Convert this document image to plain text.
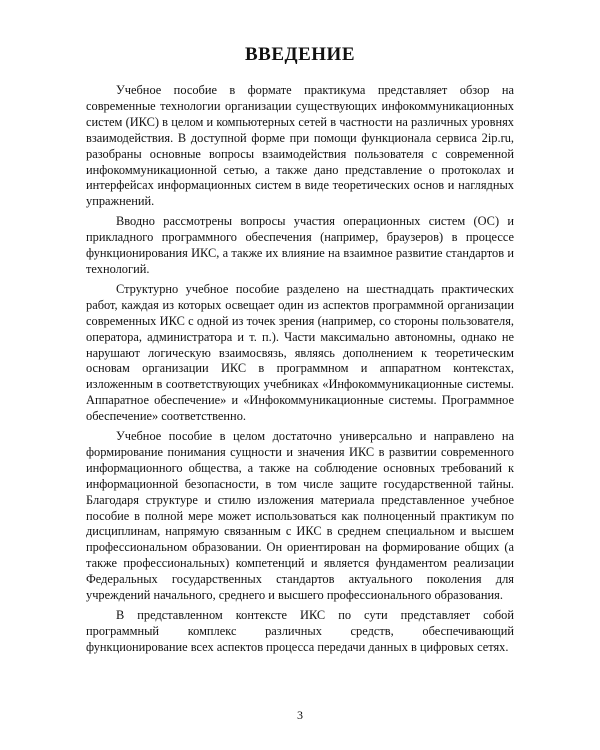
ВВЕДЕНИЕ

Учебное пособие в формате практикума представляет обзор на современные технологии организации существующих инфокоммуникационных систем (ИКС) в целом и компьютерных сетей в частности на различных уровнях взаимодействия. В доступной форме при помощи функционала сервиса 2ip.ru, разобраны основные вопросы взаимодействия пользователя с современной инфокоммуникационной сетью, а также дано представление о протоколах и интерфейсах информационных систем в виде теоретических основ и наглядных упражнений.

Вводно рассмотрены вопросы участия операционных систем (ОС) и прикладного программного обеспечения (например, браузеров) в процессе функционирования ИКС, а также их влияние на взаимное развитие стандартов и технологий.

Структурно учебное пособие разделено на шестнадцать практических работ, каждая из которых освещает один из аспектов программной организации современных ИКС с одной из точек зрения (например, со стороны пользователя, оператора, администратора и т. п.). Части максимально автономны, однако не нарушают логическую взаимосвязь, являясь дополнением к теоретическим основам организации ИКС в программном и аппаратном контекстах, изложенным в соответствующих учебниках «Инфокоммуникационные системы. Аппаратное обеспечение» и «Инфокоммуникационные системы. Программное обеспечение» соответственно.

Учебное пособие в целом достаточно универсально и направлено на формирование понимания сущности и значения ИКС в развитии современного информационного общества, а также на соблюдение основных требований к информационной безопасности, в том числе защите государственной тайны. Благодаря структуре и стилю изложения материала представленное учебное пособие в полной мере может использоваться как полноценный практикум по дисциплинам, напрямую связанным с ИКС в среднем специальном и высшем профессиональном образовании. Он ориентирован на формирование общих (а также профессиональных) компетенций и является фундаментом реализации Федеральных государственных стандартов актуального поколения для учреждений начального, среднего и высшего профессионального образования.

В представленном контексте ИКС по сути представляет собой программный комплекс различных средств, обеспечивающий функционирование всех аспектов процесса передачи данных в цифровых сетях.

3
